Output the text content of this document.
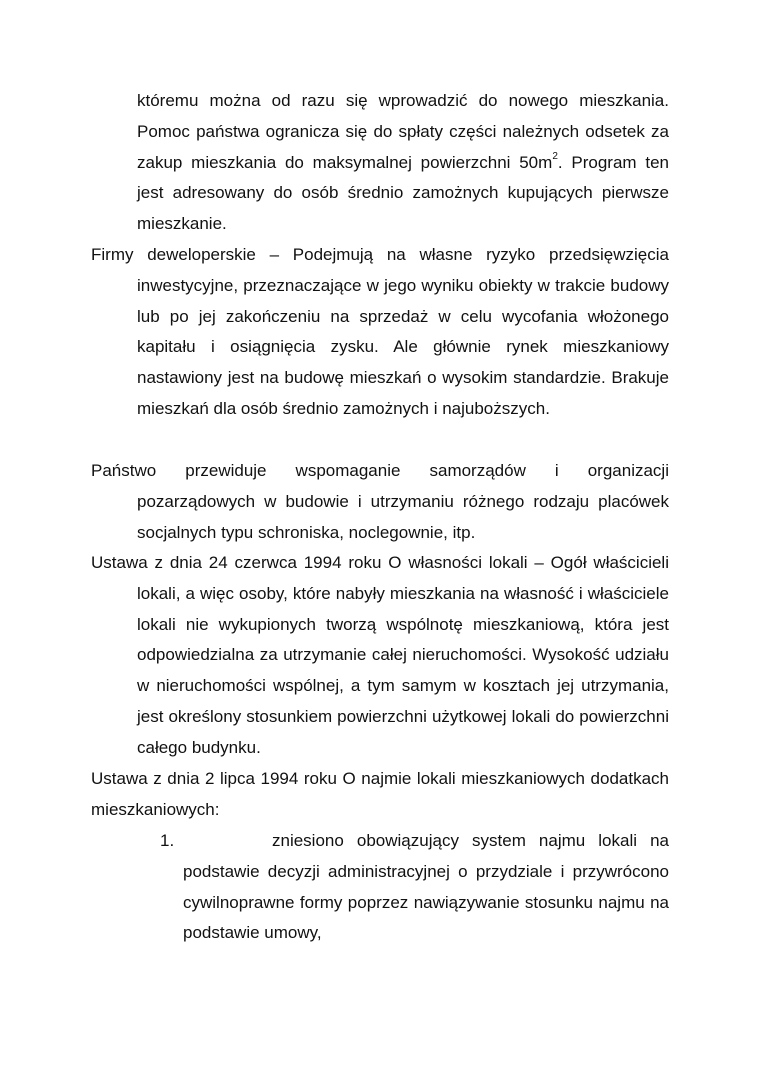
któremu można od razu się wprowadzić do nowego mieszkania. Pomoc państwa ogranicza się do spłaty części należnych odsetek za zakup mieszkania do maksymalnej powierzchni $50m^2$. Program ten jest adresowany do osób średnio zamożnych kupujących pierwsze mieszkanie.

Firmy deweloperskie – Podejmują na własne ryzyko przedsięwzięcia inwestycyjne, przeznaczające w jego wyniku obiekty w trakcie budowy lub po jej zakończeniu na sprzedaż w celu wycofania włożonego kapitału i osiągnięcia zysku. Ale głównie rynek mieszkaniowy nastawiony jest na budowę mieszkań o wysokim standardzie. Brakuje mieszkań dla osób średnio zamożnych i najuboższych.

Państwo przewiduje wspomaganie samorządów i organizacji pozarządowych w budowie i utrzymaniu różnego rodzaju placówek socjalnych typu schroniska, noclegownie, itp.

Ustawa z dnia 24 czerwca 1994 roku O własności lokali – Ogół właścicieli lokali, a więc osoby, które nabyły mieszkania na własność i właściciele lokali nie wykupionych tworzą wspólnotę mieszkaniową, która jest odpowiedzialna za utrzymanie całej nieruchomości. Wysokość udziału w nieruchomości wspólnej, a tym samym w kosztach jej utrzymania, jest określony stosunkiem powierzchni użytkowej lokali do powierzchni całego budynku.

Ustawa z dnia 2 lipca 1994 roku O najmie lokali mieszkaniowych dodatkach mieszkaniowych:

1.	zniesiono obowiązujący system najmu lokali na podstawie decyzji administracyjnej o przydziale i przywrócono cywilnoprawne formy poprzez nawiązywanie stosunku najmu na podstawie umowy,
